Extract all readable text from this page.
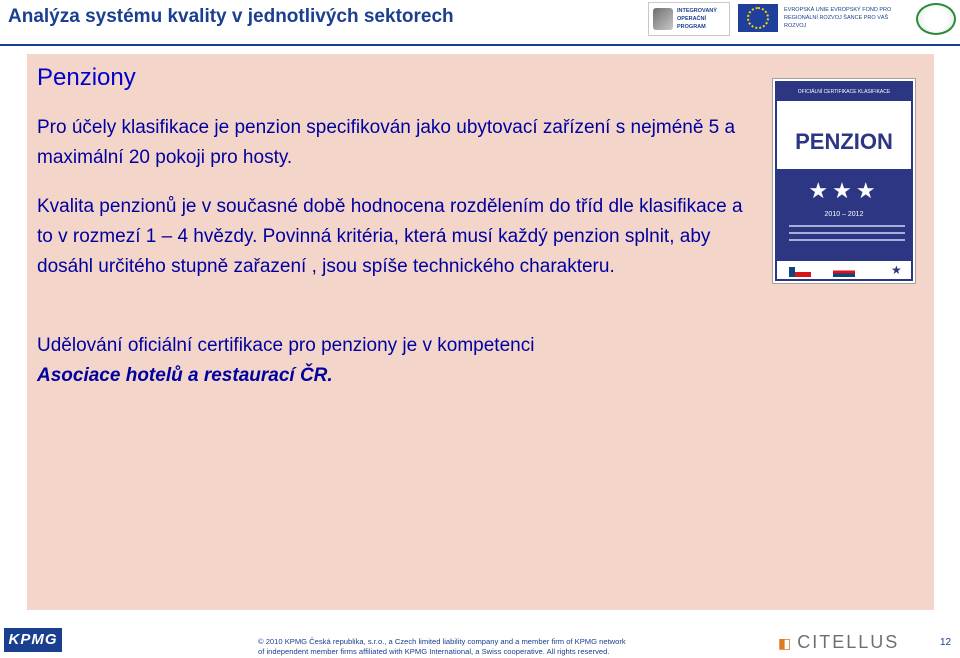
Analýza systému kvality v jednotlivých sektorech	INTEGROVANÝ OPERAČNÍ PROGRAM
EVROPSKÁ UNIE EVROPSKÝ FOND PRO REGIONÁLNÍ ROZVOJ ŠANCE PRO VÁŠ ROZVOJ
Penziony
Pro účely klasifikace je penzion specifikován jako ubytovací zařízení s nejméně 5 a maximální 20 pokoji pro hosty.
Kvalita penzionů je v současné době hodnocena rozdělením do tříd dle klasifikace a to v rozmezí 1 – 4 hvězdy. Povinná kritéria, která musí každý penzion splnit, aby dosáhl určitého stupně zařazení , jsou spíše technického charakteru.
Udělování oficiální certifikace pro penziony je v kompetenci
Asociace hotelů a restaurací ČR.
OFICIÁLNÍ CERTIFIKACE KLASIFIKACE
PENZION
★★★
2010 – 2012
★
KPMG	© 2010 KPMG Česká republika, s.r.o., a Czech limited liability company and a member firm of KPMG network
of independent member firms affiliated with KPMG International, a Swiss cooperative. All rights reserved.
◧ CITELLUS	12
